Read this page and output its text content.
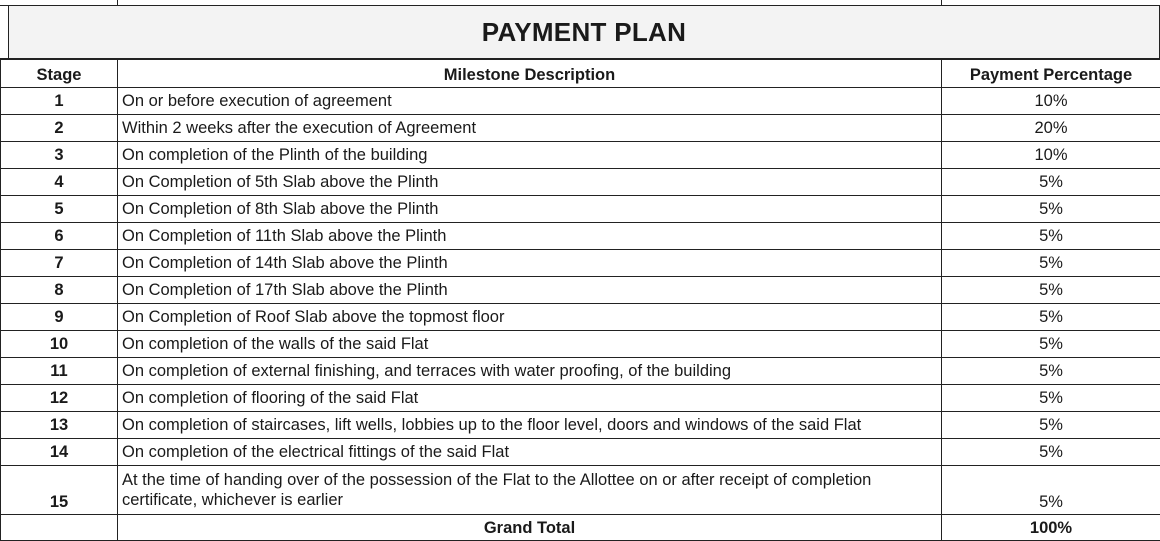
PAYMENT PLAN
Stage	Milestone Description	Payment Percentage
1	On or before execution of agreement	10%
2	Within 2 weeks after the execution of Agreement	20%
3	On completion of the Plinth of the building	10%
4	On Completion of 5th Slab above the Plinth	5%
5	On Completion of 8th Slab above the Plinth	5%
6	On Completion of 11th Slab above the Plinth	5%
7	On Completion of 14th Slab above the Plinth	5%
8	On Completion of 17th Slab above the Plinth	5%
9	On Completion of Roof Slab above the topmost floor	5%
10	On completion of the walls of the said Flat	5%
11	On completion of external finishing, and terraces with water proofing, of the building	5%
12	On completion of flooring of the said Flat	5%
13	On completion of staircases, lift wells, lobbies up to the floor level, doors and windows of the said Flat	5%
14	On completion of the electrical fittings of the said Flat	5%
15	At the time of handing over of the possession of the Flat to the Allottee on or after receipt of completion certificate, whichever is earlier	5%
	Grand Total	100%
